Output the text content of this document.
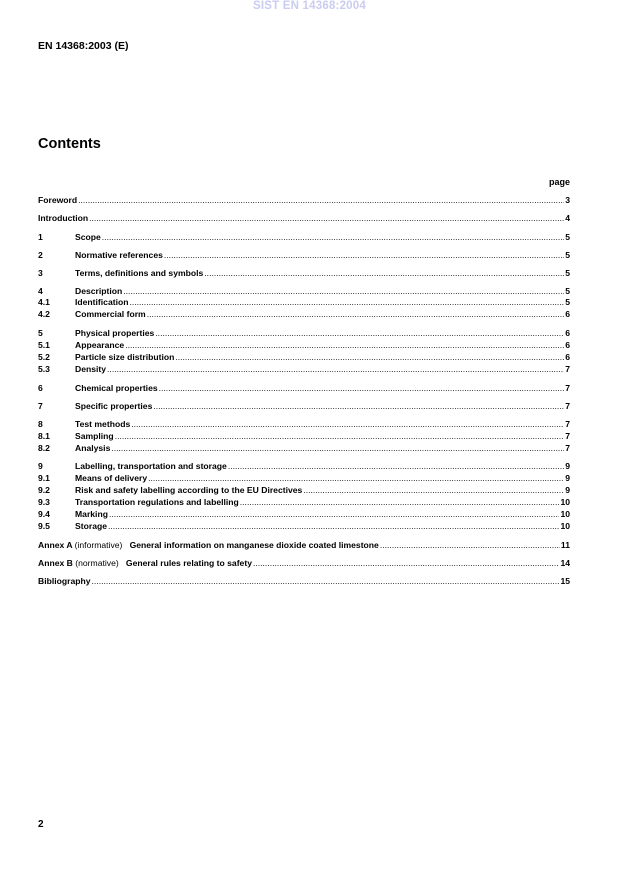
SIST EN 14368:2004
EN 14368:2003 (E)
Contents
page
Foreword .....	3
Introduction .....	4
1	Scope .....	5
2	Normative references .....	5
3	Terms, definitions and symbols .....	5
4	Description .....	5
4.1	Identification .....	5
4.2	Commercial form .....	6
5	Physical properties .....	6
5.1	Appearance .....	6
5.2	Particle size distribution .....	6
5.3	Density .....	7
6	Chemical properties .....	7
7	Specific properties .....	7
8	Test methods .....	7
8.1	Sampling .....	7
8.2	Analysis .....	7
9	Labelling, transportation and storage .....	9
9.1	Means of delivery .....	9
9.2	Risk and safety labelling according to the EU Directives .....	9
9.3	Transportation regulations and labelling .....	10
9.4	Marking .....	10
9.5	Storage .....	10
Annex A (informative) General information on manganese dioxide coated limestone .....	11
Annex B (normative) General rules relating to safety .....	14
Bibliography .....	15
2
